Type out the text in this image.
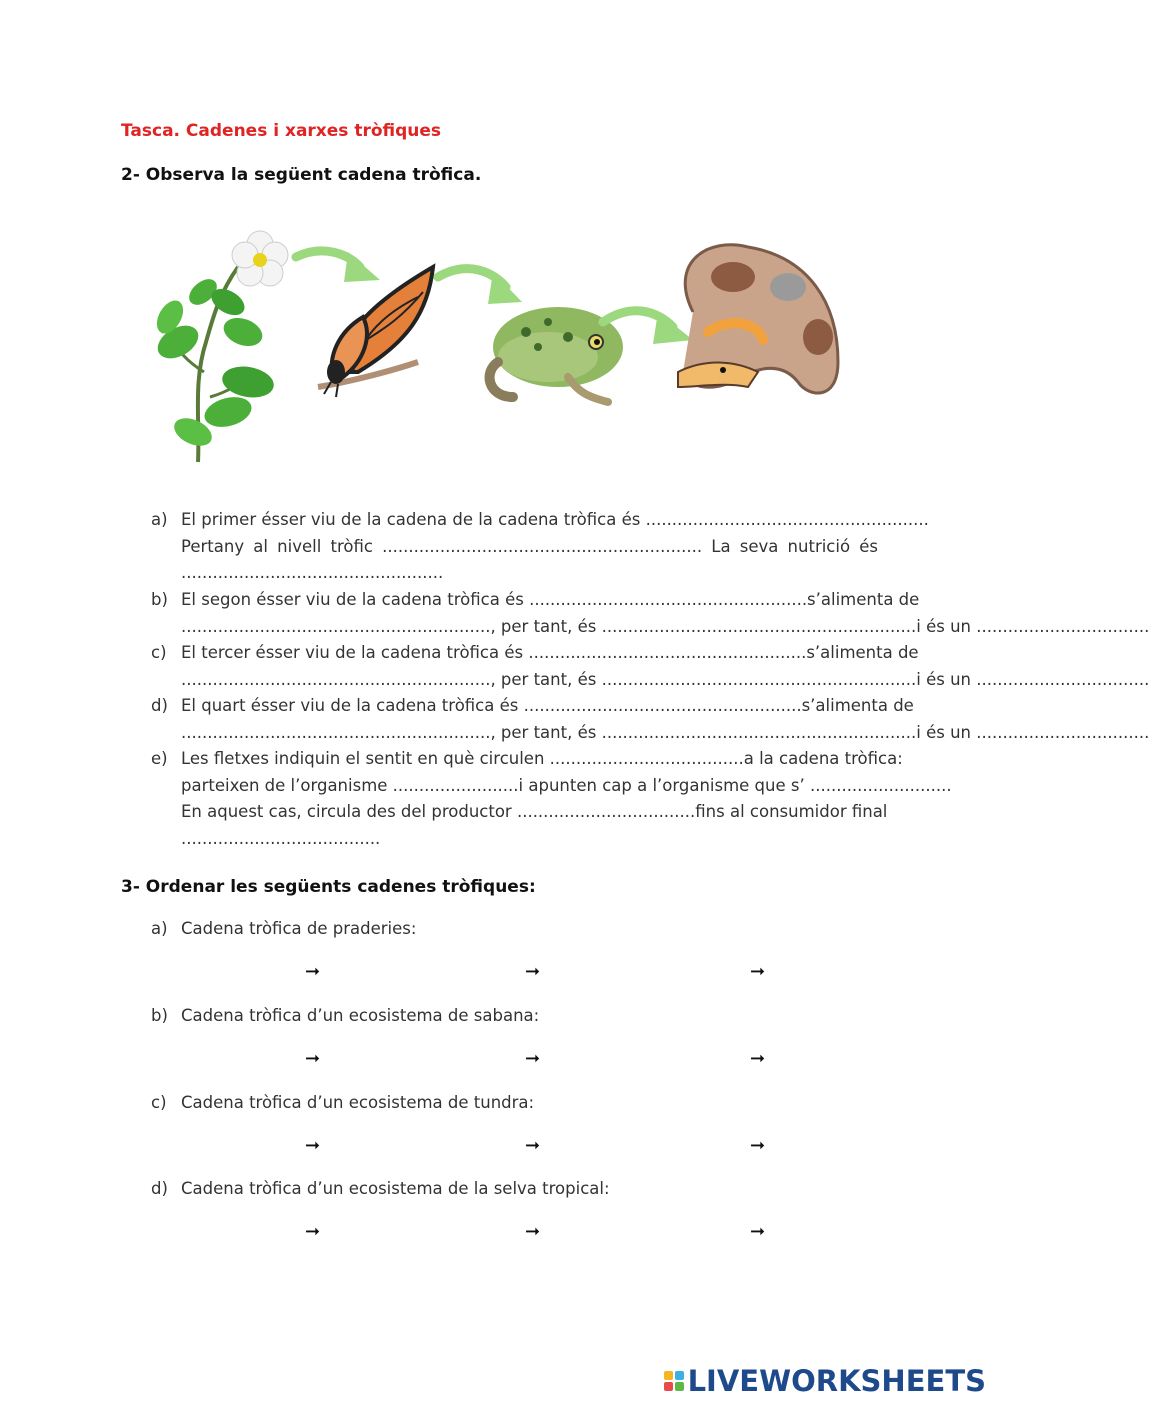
Tasca. Cadenes i xarxes tròfiques
2- Observa la següent cadena tròfica.
a) El primer ésser viu de la cadena de la cadena tròfica és ......................................................
Pertany al nivell tròfic ............................................................. La seva nutrició és
..................................................
b) El segon ésser viu de la cadena tròfica és .....................................................s’alimenta de
..........................................................., per tant, és ............................................................i és un .................................
c) El tercer ésser viu de la cadena tròfica és .....................................................s’alimenta de
..........................................................., per tant, és ............................................................i és un .................................
d) El quart ésser viu de la cadena tròfica és .....................................................s’alimenta de
..........................................................., per tant, és ............................................................i és un .................................
e) Les fletxes indiquin el sentit en què circulen .....................................a la cadena tròfica:
parteixen de l’organisme ........................i apunten cap a l’organisme que s’ ...........................
En aquest cas, circula des del productor ..................................fins al consumidor final
......................................
3- Ordenar les següents cadenes tròfiques:
a) Cadena tròfica de praderies:
➞	➞	➞
b) Cadena tròfica d’un ecosistema de sabana:
➞	➞	➞
c) Cadena tròfica d’un ecosistema de tundra:
➞	➞	➞
d) Cadena tròfica d’un ecosistema de la selva tropical:
➞	➞	➞
LIVEWORKSHEETS
